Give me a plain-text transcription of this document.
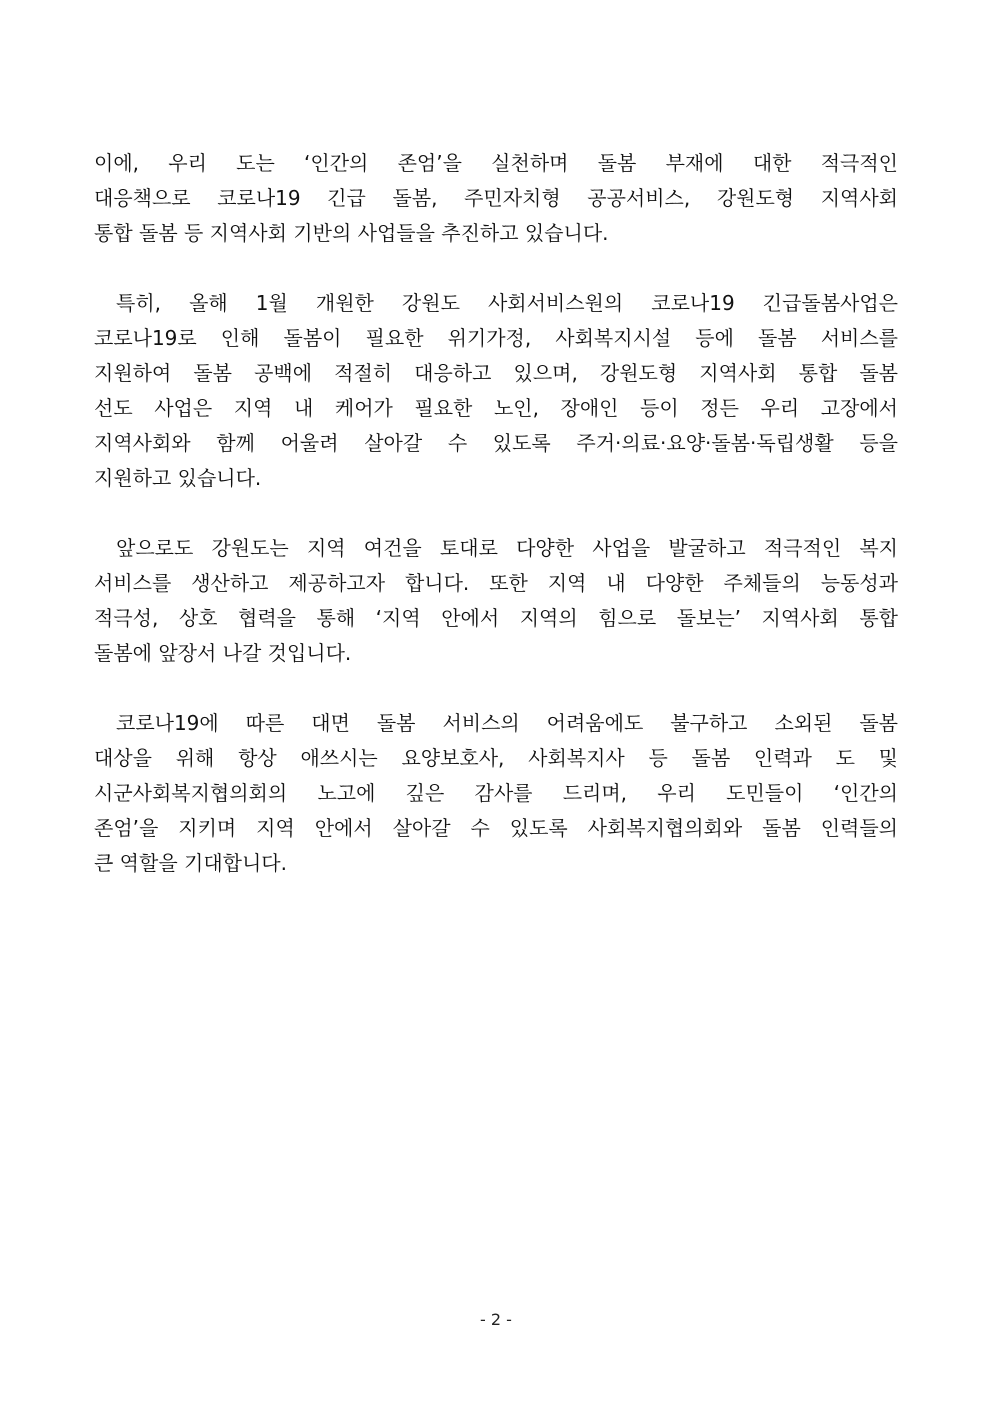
이에, 우리 도는 ‘인간의 존엄’을 실천하며 돌봄 부재에 대한 적극적인
대응책으로 코로나19 긴급 돌봄, 주민자치형 공공서비스, 강원도형 지역사회
통합 돌봄 등 지역사회 기반의 사업들을 추진하고 있습니다.
특히, 올해 1월 개원한 강원도 사회서비스원의 코로나19 긴급돌봄사업은
코로나19로 인해 돌봄이 필요한 위기가정, 사회복지시설 등에 돌봄 서비스를
지원하여 돌봄 공백에 적절히 대응하고 있으며, 강원도형 지역사회 통합 돌봄
선도 사업은 지역 내 케어가 필요한 노인, 장애인 등이 정든 우리 고장에서
지역사회와 함께 어울려 살아갈 수 있도록 주거·의료·요양·돌봄·독립생활 등을
지원하고 있습니다.
앞으로도 강원도는 지역 여건을 토대로 다양한 사업을 발굴하고 적극적인 복지
서비스를 생산하고 제공하고자 합니다. 또한 지역 내 다양한 주체들의 능동성과
적극성, 상호 협력을 통해 ‘지역 안에서 지역의 힘으로 돌보는’ 지역사회 통합
돌봄에 앞장서 나갈 것입니다.
코로나19에 따른 대면 돌봄 서비스의 어려움에도 불구하고 소외된 돌봄
대상을 위해 항상 애쓰시는 요양보호사, 사회복지사 등 돌봄 인력과 도 및
시군사회복지협의회의 노고에 깊은 감사를 드리며, 우리 도민들이 ‘인간의
존엄’을 지키며 지역 안에서 살아갈 수 있도록 사회복지협의회와 돌봄 인력들의
큰 역할을 기대합니다.
- 2 -
